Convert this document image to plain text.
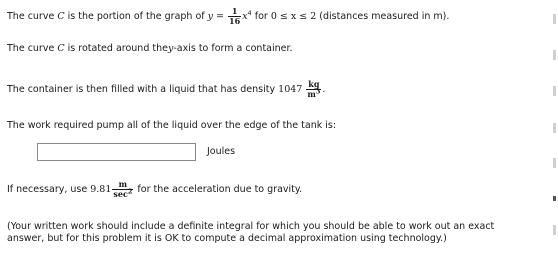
The curve C is the portion of the graph of $y = \frac{1}{16} x^4$ for 0 ≤ x ≤ 2 (distances measured in m).
The curve C is rotated around they-axis to form a container.
The container is then filled with a liquid that has density $1047 \frac{kg}{m^3}$ .
The work required pump all of the liquid over the edge of the tank is:
Joules
If necessary, use $9.81 \frac{m}{\sec^2}$ for the acceleration due to gravity.
(Your written work should include a definite integral for which you should be able to work out an exact
answer, but for this problem it is OK to compute a decimal approximation using technology.)
